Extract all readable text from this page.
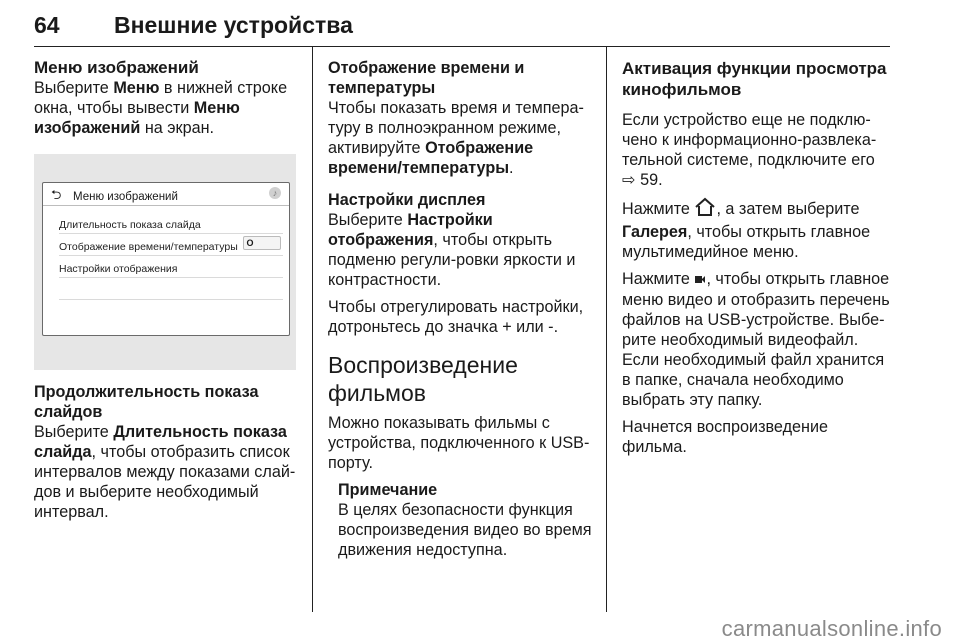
64 Внешние устройства
Меню изображений

Выберите Меню в нижней строке окна, чтобы вывести Меню изображений на экран.

⮌ Меню изображений	♪
Длительность показа слайда
Отображение времени/температуры O
Настройки отображения
Продолжительность показа слайдов

Выберите Длительность показа слайда, чтобы отобразить список интервалов между показами слай-дов и выберите необходимый интервал.

Отображение времени и температуры

Чтобы показать время и темпера-туру в полноэкранном режиме, активируйте Отображение времени/температуры.

Настройки дисплея

Выберите Настройки отображения, чтобы открыть подменю регули-ровки яркости и контрастности.

Чтобы отрегулировать настройки, дотроньтесь до значка + или -.

Воспроизведение фильмов

Можно показывать фильмы с устройства, подключенного к USB-порту.

Примечание

В целях безопасности функция воспроизведения видео во время движения недоступна.

Активация функции просмотра кинофильмов

Если устройство еще не подклю-чено к информационно-развлека-тельной системе, подключите его ⇨ 59.

Нажмите , а затем выберите Галерея, чтобы открыть главное мультимедийное меню.

Нажмите , чтобы открыть главное меню видео и отобразить перечень файлов на USB-устройстве. Выбе-рите необходимый видеофайл. Если необходимый файл хранится в папке, сначала необходимо выбрать эту папку.

Начнется воспроизведение фильма.

carmanualsonline.info
